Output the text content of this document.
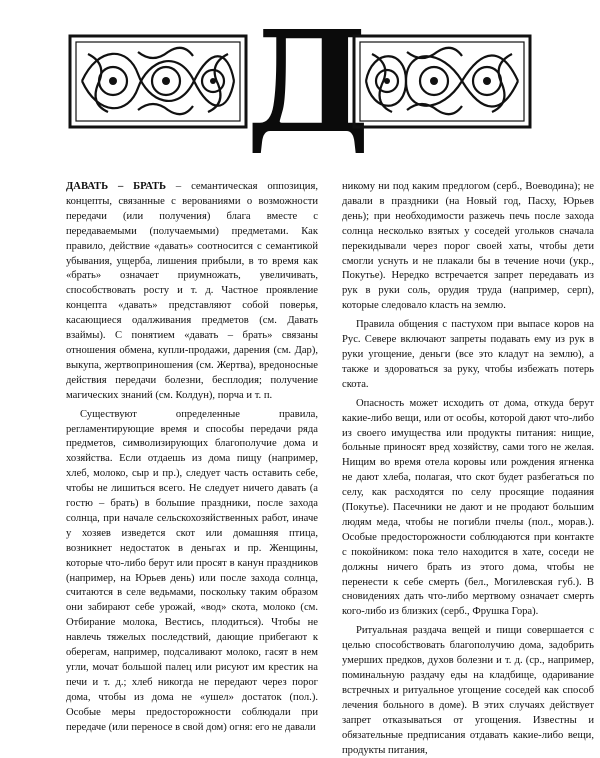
Д

ДАВАТЬ – БРАТЬ – семантическая оппозиция, концепты, связанные с верованиями о возможности передачи (или получения) блага вместе с передаваемыми (получаемыми) предметами. Как правило, действие «давать» соотносится с семантикой убывания, ущерба, лишения прибыли, в то время как «брать» означает приумножать, увеличивать, способствовать росту и т. д. Частное проявление концепта «давать» представляют собой поверья, касающиеся одалживания предметов (см. Давать взаймы). С понятием «давать – брать» связаны отношения обмена, купли-продажи, дарения (см. Дар), выкупа, жертвоприношения (см. Жертва), вредоносные действия передачи болезни, бесплодия; получение магических знаний (см. Колдун), порча и т. п.

Существуют определенные правила, регламентирующие время и способы передачи ряда предметов, символизирующих благополучие дома и хозяйства. Если отдаешь из дома пищу (например, хлеб, молоко, сыр и пр.), следует часть оставить себе, чтобы не лишиться всего. Не следует ничего давать (а гостю – брать) в большие праздники, после захода солнца, при начале сельскохозяйственных работ, иначе у хозяев изведется скот или домашняя птица, возникнет недостаток в деньгах и пр. Женщины, которые что-либо берут или просят в канун праздников (например, на Юрьев день) или после захода солнца, считаются в селе ведьмами, поскольку таким образом они забирают себе урожай, «вод» скота, молоко (см. Отбирание молока, Вестись, плодиться). Чтобы не навлечь тяжелых последствий, дающие прибегают к оберегам, например, подсаливают молоко, гасят в нем угли, мочат большой палец или рисуют им крестик на печи и т. д.; хлеб никогда не передают через порог дома, чтобы из дома не «ушел» достаток (пол.). Особые меры предосторожности соблюдали при передаче (или переносе в свой дом) огня: его не давали

никому ни под каким предлогом (серб., Воеводина); не давали в праздники (на Новый год, Пасху, Юрьев день); при необходимости разжечь печь после захода солнца несколько взятых у соседей угольков сначала перекидывали через порог своей хаты, чтобы дети смогли уснуть и не плакали бы в течение ночи (укр., Покутье). Нередко встречается запрет передавать из рук в руки соль, орудия труда (например, серп), которые следовало класть на землю.

Правила общения с пастухом при выпасе коров на Рус. Севере включают запреты подавать ему из рук в руки угощение, деньги (все это кладут на землю), а также и здороваться за руку, чтобы избежать потерь скота.

Опасность может исходить от дома, откуда берут какие-либо вещи, или от особы, которой дают что-либо из своего имущества или продукты питания: нищие, больные приносят вред хозяйству, сами того не желая. Нищим во время отела коровы или рождения ягненка не дают хлеба, полагая, что скот будет разбегаться по селу, как расходятся по селу просящие подаяния (Покутье). Пасечники не дают и не продают большим людям меда, чтобы не погибли пчелы (пол., морав.). Особые предосторожности соблюдаются при контакте с покойником: пока тело находится в хате, соседи не должны ничего брать из этого дома, чтобы не перенести к себе смерть (бел., Могилевская губ.). В сновидениях дать что-либо мертвому означает смерть кого-либо из близких (серб., Фрушка Гора).

Ритуальная раздача вещей и пищи совершается с целью способствовать благополучию дома, задобрить умерших предков, духов болезни и т. д. (ср., например, поминальную раздачу еды на кладбище, одаривание встречных и ритуальное угощение соседей как способ лечения больного в доме). В этих случаях действует запрет отказываться от угощения. Известны и обязательные предписания отдавать какие-либо вещи, продукты питания,
